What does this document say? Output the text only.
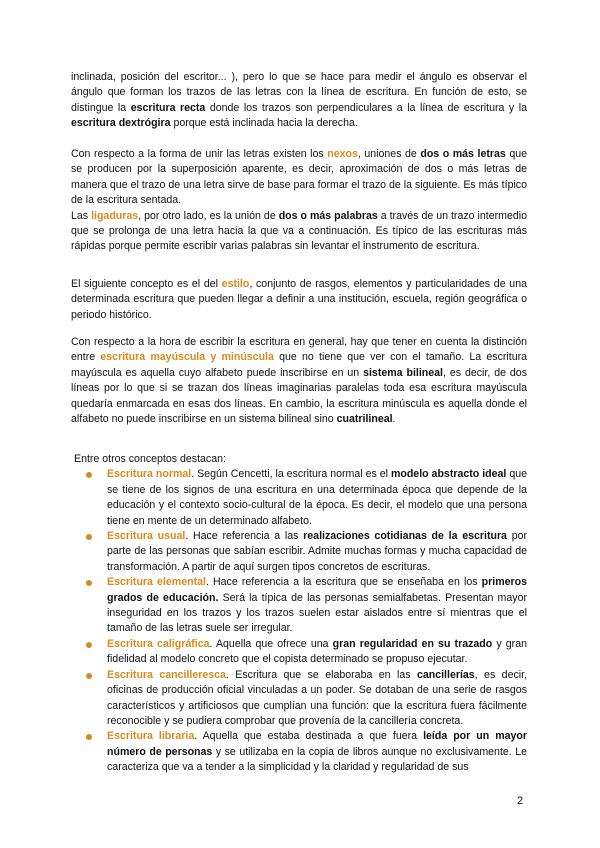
inclinada, posición del escritor... ), pero lo que se hace para medir el ángulo es observar el ángulo que forman los trazos de las letras con la línea de escritura. En función de esto, se distingue la escritura recta donde los trazos son perpendiculares a la línea de escritura y la escritura dextrógira porque está inclinada hacia la derecha.

Con respecto a la forma de unir las letras existen los nexos, uniones de dos o más letras que se producen por la superposición aparente, es decir, aproximación de dos o más letras de manera que el trazo de una letra sirve de base para formar el trazo de la siguiente. Es más típico de la escritura sentada.

Las ligaduras, por otro lado, es la unión de dos o más palabras a través de un trazo intermedio que se prolonga de una letra hacia la que va a continuación. Es típico de las escrituras más rápidas porque permite escribir varias palabras sin levantar el instrumento de escritura.

El siguiente concepto es el del estilo, conjunto de rasgos, elementos y particularidades de una determinada escritura que pueden llegar a definir a una institución, escuela, región geográfica o periodo histórico.

Con respecto a la hora de escribir la escritura en general, hay que tener en cuenta la distinción entre escritura mayúscula y minúscula que no tiene que ver con el tamaño. La escritura mayúscula es aquella cuyo alfabeto puede inscribirse en un sistema bilineal, es decir, de dos líneas por lo que si se trazan dos líneas imaginarias paralelas toda esa escritura mayúscula quedaría enmarcada en esas dos líneas. En cambio, la escritura minúscula es aquella donde el alfabeto no puede inscribirse en un sistema bilineal sino cuatrilineal.

Entre otros conceptos destacan:

Escritura normal. Según Cencetti, la escritura normal es el modelo abstracto ideal que se tiene de los signos de una escritura en una determinada época que depende de la educación y el contexto socio-cultural de la época. Es decir, el modelo que una persona tiene en mente de un determinado alfabeto.
Escritura usual. Hace referencia a las realizaciones cotidianas de la escritura por parte de las personas que sabían escribir. Admite muchas formas y mucha capacidad de transformación. A partir de aquí surgen tipos concretos de escrituras.
Escritura elemental. Hace referencia a la escritura que se enseñaba en los primeros grados de educación. Será la típica de las personas semialfabetas. Presentan mayor inseguridad en los trazos y los trazos suelen estar aislados entre sí mientras que el tamaño de las letras suele ser irregular.
Escritura caligráfica. Aquella que ofrece una gran regularidad en su trazado y gran fidelidad al modelo concreto que el copista determinado se propuso ejecutar.
Escritura cancilleresca. Escritura que se elaboraba en las cancillerías, es decir, oficinas de producción oficial vinculadas a un poder. Se dotaban de una serie de rasgos característicos y artificiosos que cumplían una función: que la escritura fuera fácilmente reconocible y se pudiera comprobar que provenía de la cancillería concreta.
Escritura libraria. Aquella que estaba destinada a que fuera leída por un mayor número de personas y se utilizaba en la copia de libros aunque no exclusivamente. Le caracteriza que va a tender a la simplicidad y la claridad y regularidad de sus
2
